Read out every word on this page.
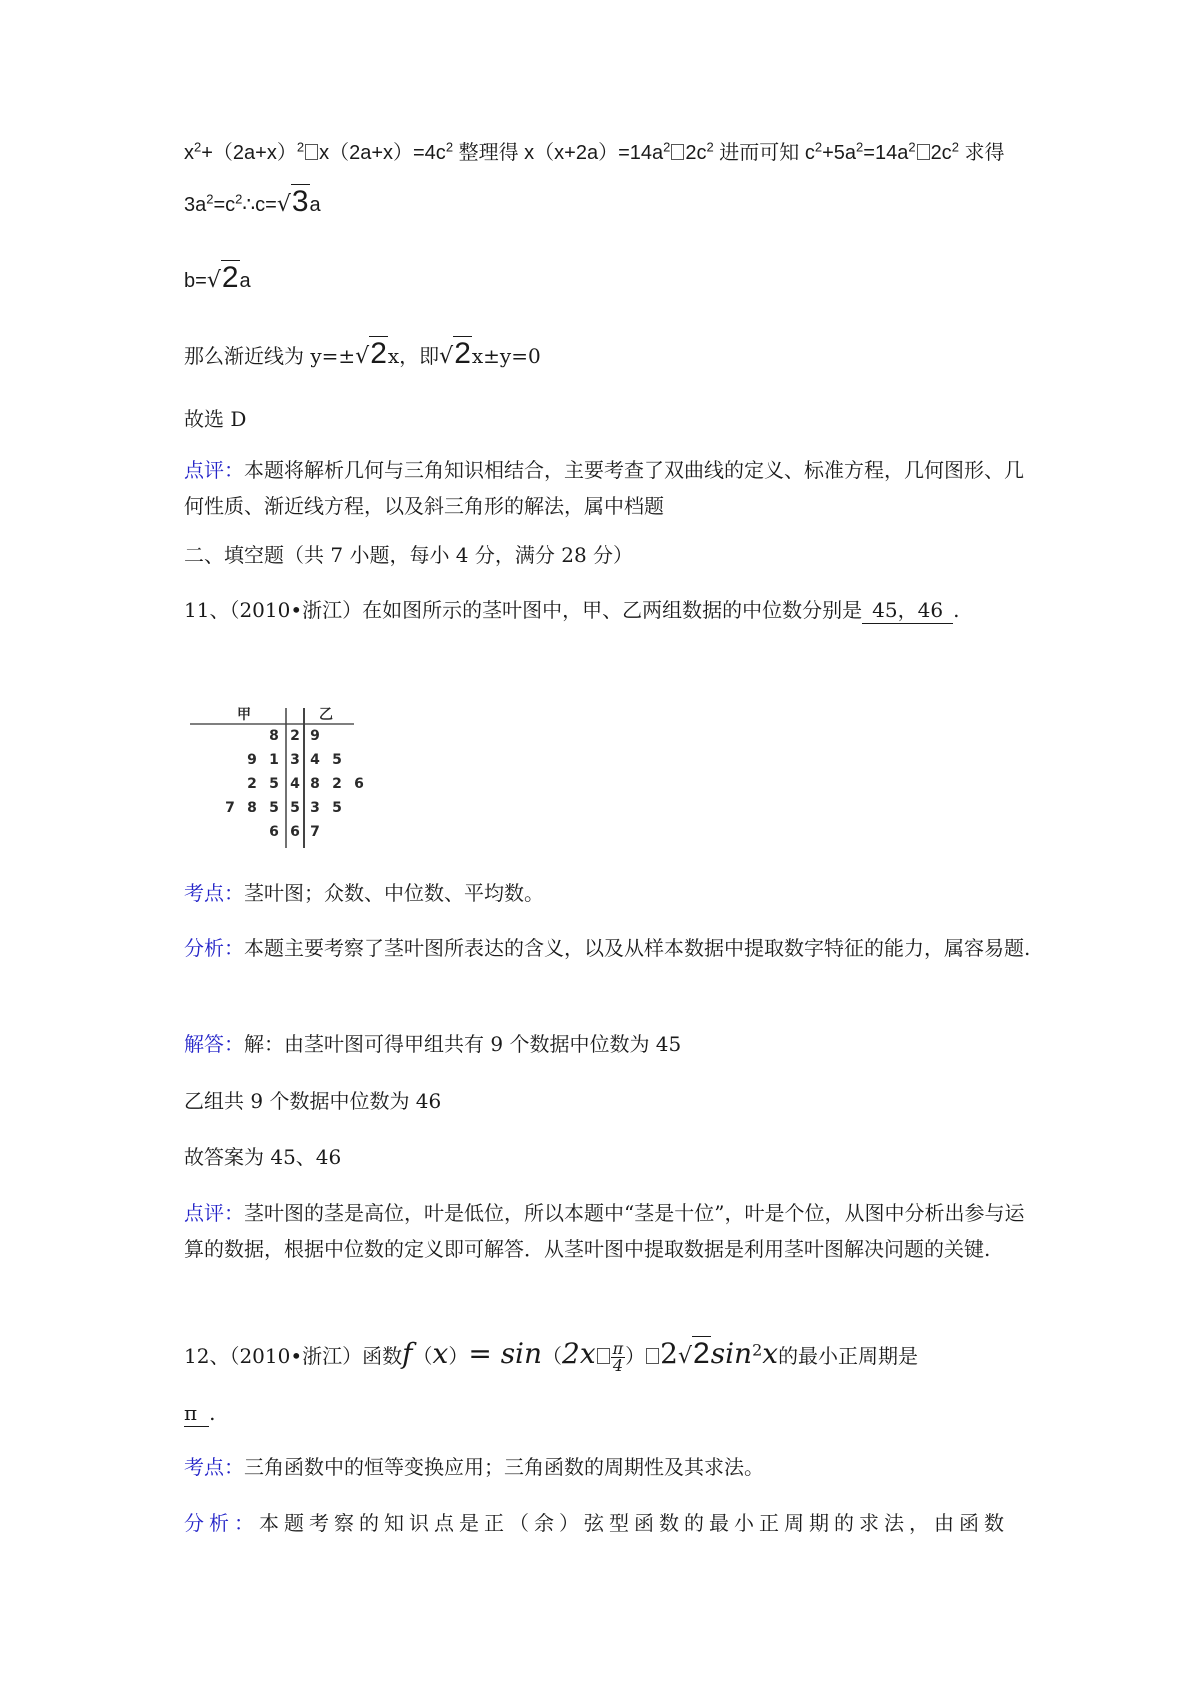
$x^2+(2a+x)^2$ $x(2a+x)=4c^2$ 整理得 $x(x+2a)=14a^2$ $2c^2$ 进而可知 $c^2+5a^2=14a^2$ $2c^2$ 求得
$3a^2=c^2\therefore c=√3a$
b=√2a
那么渐近线为 y=±√2x，即√2x±y=0
故选 D
点评：本题将解析几何与三角知识相结合，主要考查了双曲线的定义、标准方程，几何图形、几何性质、渐近线方程，以及斜三角形的解法，属中档题
二、填空题（共 7 小题，每小 4 分，满分 28 分）
11、（2010•浙江）在如图所示的茎叶图中，甲、乙两组数据的中位数分别是 45，46 .
甲	乙
2
8 9
3
9 1 4 5
4
2 5 8 2 6
5
7 8 5 3 5
6
6 7
考点：茎叶图；众数、中位数、平均数。
分析：本题主要考察了茎叶图所表达的含义，以及从样本数据中提取数字特征的能力，属容易题.
解答：解：由茎叶图可得甲组共有 9 个数据中位数为 45
乙组共 9 个数据中位数为 46
故答案为 45、46
点评：茎叶图的茎是高位，叶是低位，所以本题中“茎是十位”，叶是个位，从图中分析出参与运算的数据，根据中位数的定义即可解答．从茎叶图中提取数据是利用茎叶图解决问题的关键.
12、（2010•浙江）函数$f(x)= \sin(2x \frac{\pi}{4}$ ） $2√2\sin^2x$的最小正周期是
π .
考点：三角函数中的恒等变换应用；三角函数的周期性及其求法。
分析：本题考察的知识点是正（余）弦型函数的最小正周期的求法，由函数
